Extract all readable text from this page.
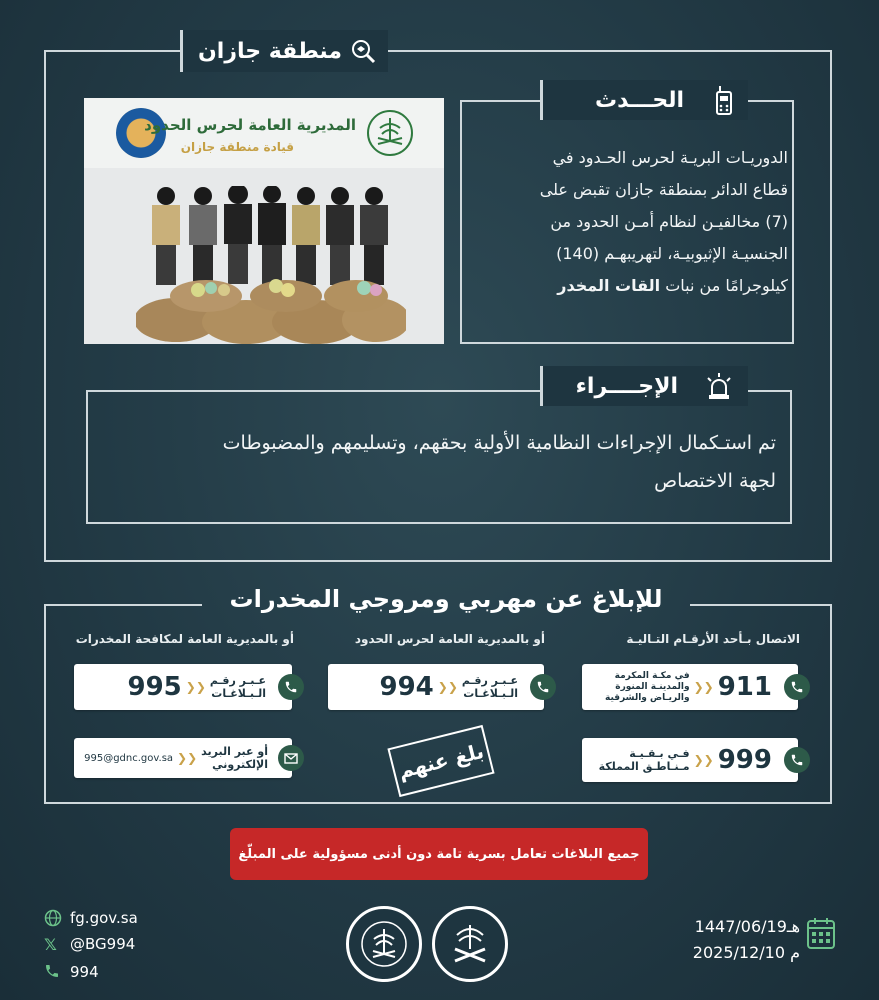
منطقة جازان
المديرية العامة لحرس الحدود
قيادة منطقة جازان
الحـــدث
الدوريـات البريـة لحرس الحـدود في
قطاع الدائر بمنطقة جازان تقبض على
(7) مخالفيـن لنظام أمـن الحدود من
الجنسيـة الإثيوبيـة، لتهريبهـم (140)
كيلوجرامًا من نبات القات المخدر
الإجــــراء
تم استـكمال الإجراءات النظامية الأولية بحقهم، وتسليمهم والمضبوطات
لجهة الاختصاص
للإبلاغ عن مهربي ومروجي المخدرات
الاتصال بـأحد الأرقـام التـاليـة
أو بالمديرية العامة لحرس الحدود
أو بالمديرية العامة لمكافحة المخدرات
911
❮❮
في مكـة المكرمة
والمدينـة المنورة
والريـاض والشرقية
999
❮❮
فـي بـقـيـة
مـنـاطـق المملكة
عـبـر رقـم
الـبـلاغـات
❮❮
994
عـبـر رقـم
الـبـلاغـات
❮❮
995
أو عبر البريد
الإلكتروني
❮❮
995@gdnc.gov.sa	بلغ عنهم
جميع البلاغات تعامل بسرية تامة دون أدنى مسؤولية على المبلّغ
fg.gov.sa
𝕏 @BG994
994
1447/06/19هـ
2025/12/10 م
